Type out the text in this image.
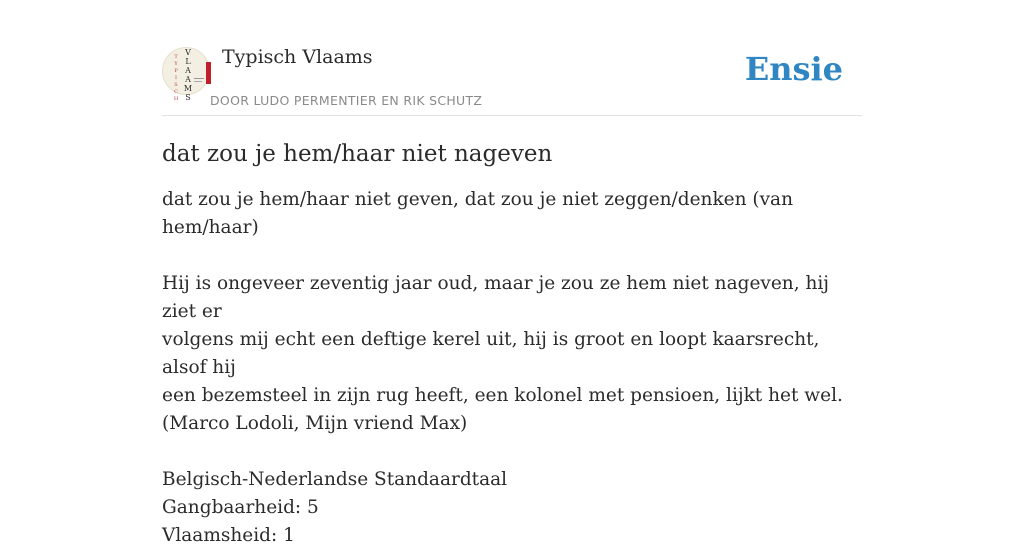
T
Y
P
I
S
C
H
V
L
A
A
M
S
Typisch Vlaams
DOOR LUDO PERMENTIER EN RIK SCHUTZ
Ensie
dat zou je hem/haar niet nageven

dat zou je hem/haar niet geven, dat zou je niet zeggen/denken (van hem/haar)

Hij is ongeveer zeventig jaar oud, maar je zou ze hem niet nageven, hij ziet er

volgens mij echt een deftige kerel uit, hij is groot en loopt kaarsrecht, alsof hij

een bezemsteel in zijn rug heeft, een kolonel met pensioen, lijkt het wel.

(Marco Lodoli, Mijn vriend Max)

Belgisch-Nederlandse Standaardtaal

Gangbaarheid: 5

Vlaamsheid: 1
